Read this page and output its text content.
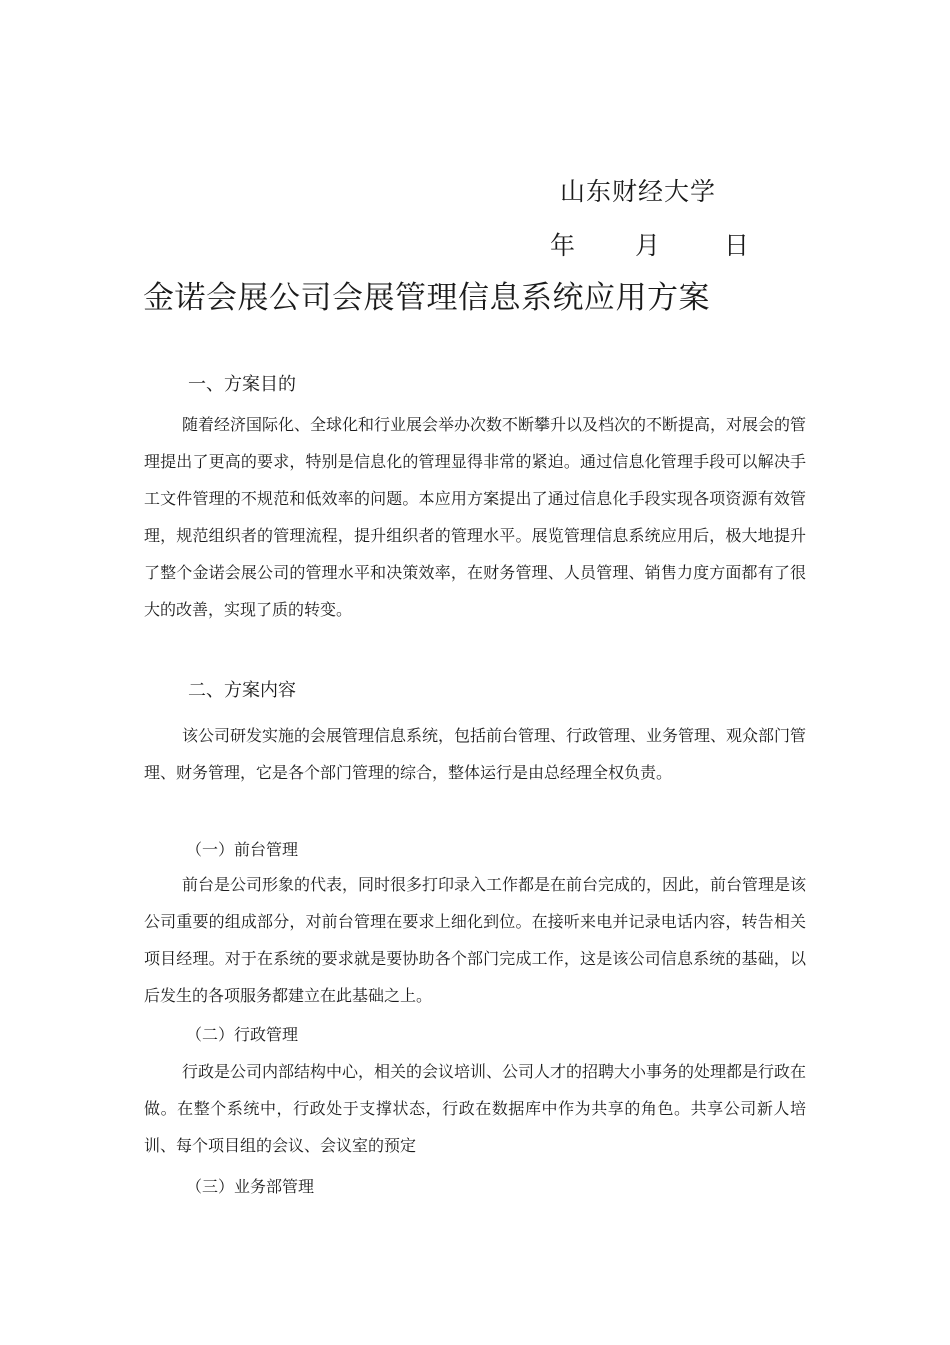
山东财经大学
年 月	日
金诺会展公司会展管理信息系统应用方案
一、方案目的

随着经济国际化、全球化和行业展会举办次数不断攀升以及档次的不断提高，对展会的管理提出了更高的要求，特别是信息化的管理显得非常的紧迫。通过信息化管理手段可以解决手工文件管理的不规范和低效率的问题。本应用方案提出了通过信息化手段实现各项资源有效管理，规范组织者的管理流程，提升组织者的管理水平。展览管理信息系统应用后，极大地提升了整个金诺会展公司的管理水平和决策效率，在财务管理、人员管理、销售力度方面都有了很大的改善，实现了质的转变。

二、方案内容

该公司研发实施的会展管理信息系统，包括前台管理、行政管理、业务管理、观众部门管理、财务管理，它是各个部门管理的综合，整体运行是由总经理全权负责。

（一）前台管理

前台是公司形象的代表，同时很多打印录入工作都是在前台完成的，因此，前台管理是该公司重要的组成部分，对前台管理在要求上细化到位。在接听来电并记录电话内容，转告相关项目经理。对于在系统的要求就是要协助各个部门完成工作，这是该公司信息系统的基础，以后发生的各项服务都建立在此基础之上。

（二）行政管理

行政是公司内部结构中心，相关的会议培训、公司人才的招聘大小事务的处理都是行政在做。在整个系统中，行政处于支撑状态，行政在数据库中作为共享的角色。共享公司新人培训、每个项目组的会议、会议室的预定

（三）业务部管理
